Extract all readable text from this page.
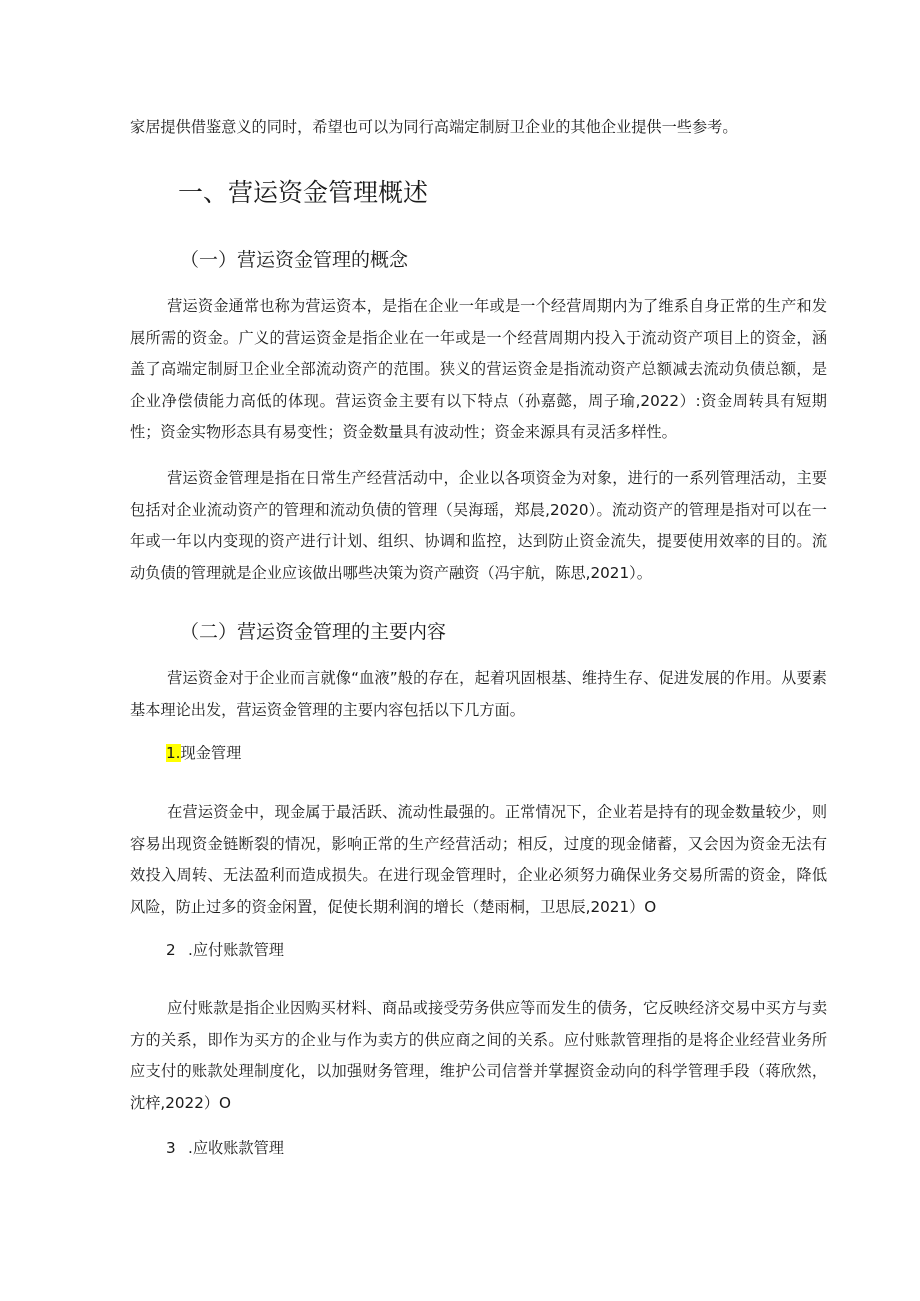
家居提供借鉴意义的同时，希望也可以为同行高端定制厨卫企业的其他企业提供一些参考。

一、营运资金管理概述
（一）营运资金管理的概念

营运资金通常也称为营运资本，是指在企业一年或是一个经营周期内为了维系自身正常的生产和发展所需的资金。广义的营运资金是指企业在一年或是一个经营周期内投入于流动资产项目上的资金，涵盖了高端定制厨卫企业全部流动资产的范围。狭义的营运资金是指流动资产总额减去流动负债总额，是企业净偿债能力高低的体现。营运资金主要有以下特点（孙嘉懿，周子瑜,2022）:资金周转具有短期性；资金实物形态具有易变性；资金数量具有波动性；资金来源具有灵活多样性。

营运资金管理是指在日常生产经营活动中，企业以各项资金为对象，进行的一系列管理活动，主要包括对企业流动资产的管理和流动负债的管理（吴海瑶，郑晨,2020）。流动资产的管理是指对可以在一年或一年以内变现的资产进行计划、组织、协调和监控，达到防止资金流失，提要使用效率的目的。流动负债的管理就是企业应该做出哪些决策为资产融资（冯宇航，陈思,2021）。

（二）营运资金管理的主要内容

营运资金对于企业而言就像“血液”般的存在，起着巩固根基、维持生存、促进发展的作用。从要素基本理论出发，营运资金管理的主要内容包括以下几方面。

1.现金管理

在营运资金中，现金属于最活跃、流动性最强的。正常情况下，企业若是持有的现金数量较少，则容易出现资金链断裂的情况，影响正常的生产经营活动；相反，过度的现金储蓄，又会因为资金无法有效投入周转、无法盈利而造成损失。在进行现金管理时，企业必须努力确保业务交易所需的资金，降低风险，防止过多的资金闲置，促使长期利润的增长（楚雨桐，卫思辰,2021）O

2 .应付账款管理

应付账款是指企业因购买材料、商品或接受劳务供应等而发生的债务，它反映经济交易中买方与卖方的关系，即作为买方的企业与作为卖方的供应商之间的关系。应付账款管理指的是将企业经营业务所应支付的账款处理制度化，以加强财务管理，维护公司信誉并掌握资金动向的科学管理手段（蒋欣然，沈梓,2022）O

3 .应收账款管理
